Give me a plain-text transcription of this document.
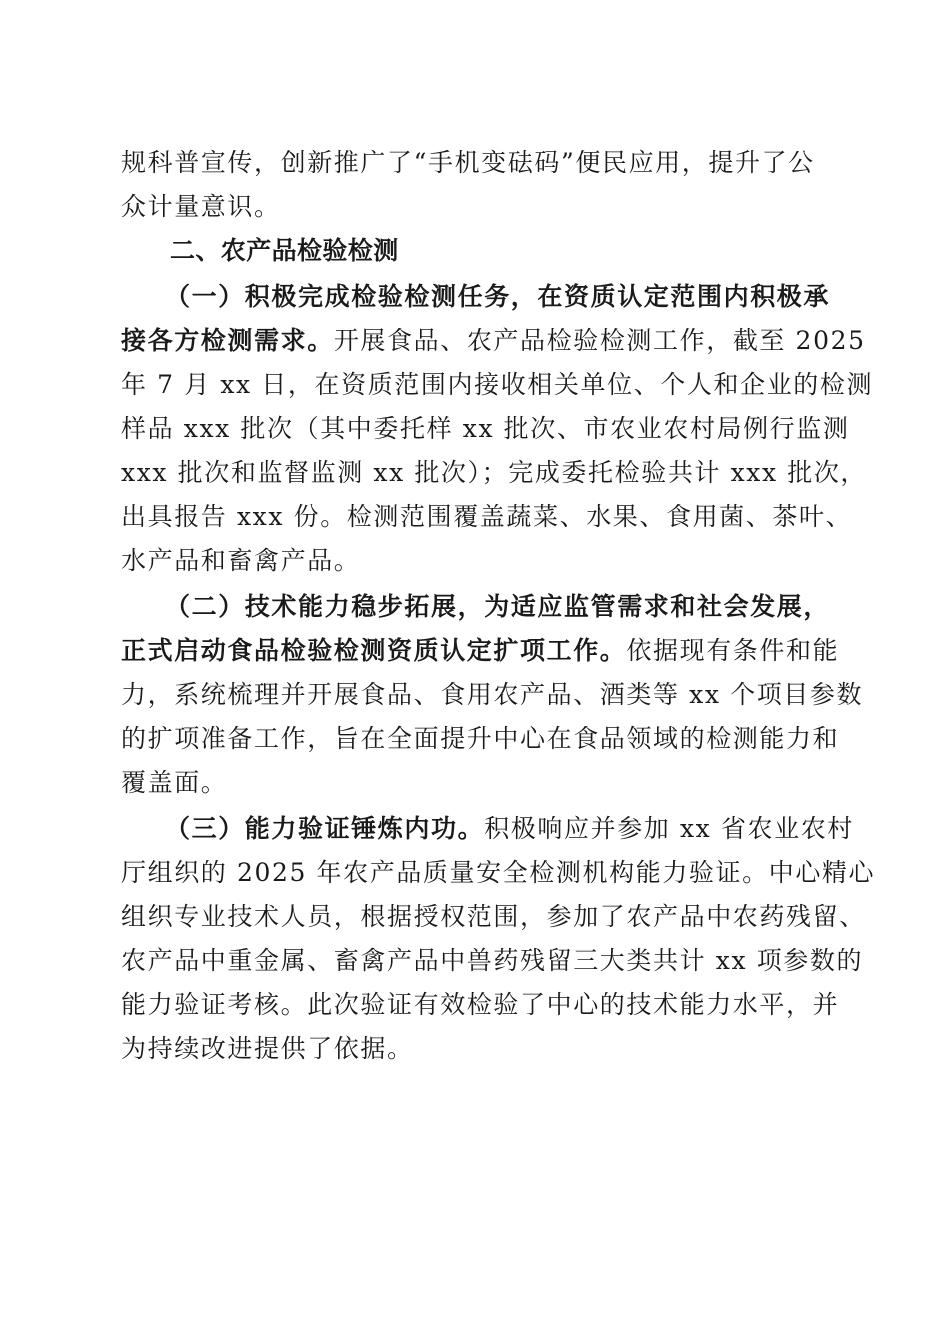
规科普宣传，创新推广了“手机变砝码”便民应用，提升了公

众计量意识。

二、农产品检验检测

（一）积极完成检验检测任务，在资质认定范围内积极承

接各方检测需求。开展食品、农产品检验检测工作，截至 2025

年 7 月 xx 日，在资质范围内接收相关单位、个人和企业的检测

样品 xxx 批次（其中委托样 xx 批次、市农业农村局例行监测

xxx 批次和监督监测 xx 批次）；完成委托检验共计 xxx 批次，

出具报告 xxx 份。检测范围覆盖蔬菜、水果、食用菌、茶叶、

水产品和畜禽产品。

（二）技术能力稳步拓展，为适应监管需求和社会发展，

正式启动食品检验检测资质认定扩项工作。依据现有条件和能

力，系统梳理并开展食品、食用农产品、酒类等 xx 个项目参数

的扩项准备工作，旨在全面提升中心在食品领域的检测能力和

覆盖面。

（三）能力验证锤炼内功。积极响应并参加 xx 省农业农村

厅组织的 2025 年农产品质量安全检测机构能力验证。中心精心

组织专业技术人员，根据授权范围，参加了农产品中农药残留、

农产品中重金属、畜禽产品中兽药残留三大类共计 xx 项参数的

能力验证考核。此次验证有效检验了中心的技术能力水平，并

为持续改进提供了依据。
